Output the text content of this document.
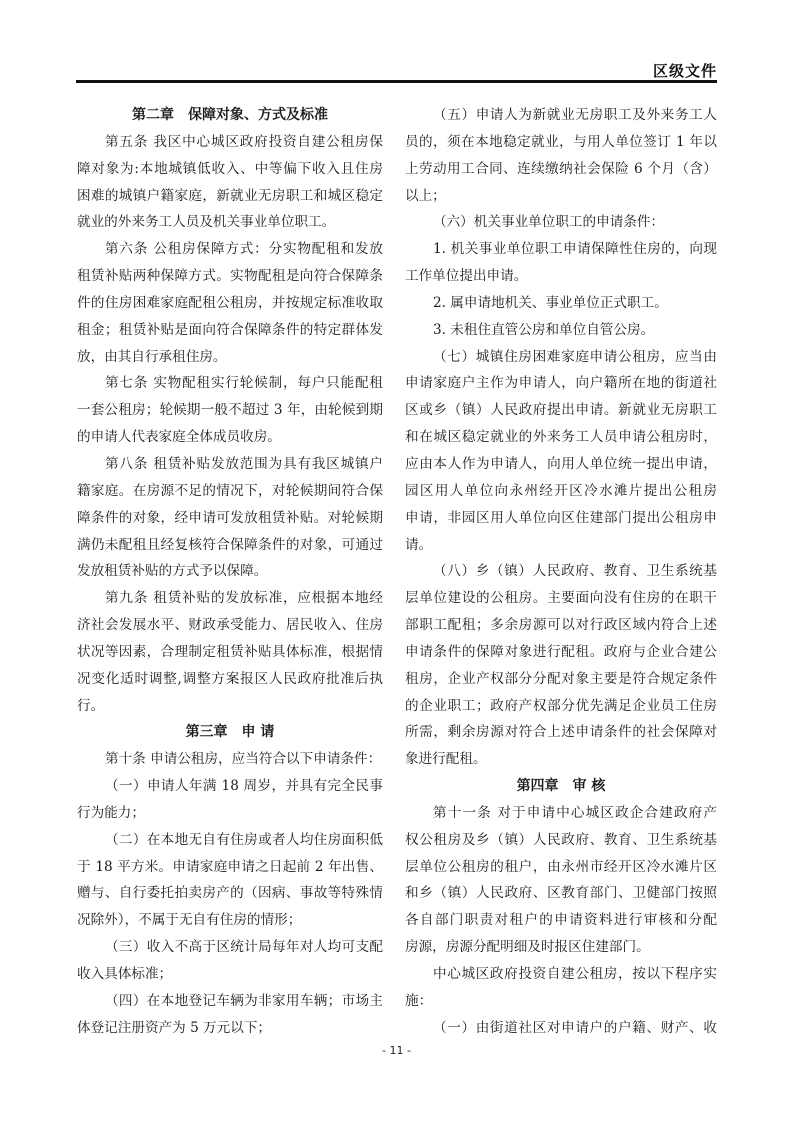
区级文件
第二章　保障对象、方式及标准
第五条 我区中心城区政府投资自建公租房保
障对象为:本地城镇低收入、中等偏下收入且住房
困难的城镇户籍家庭，新就业无房职工和城区稳定
就业的外来务工人员及机关事业单位职工。
第六条 公租房保障方式：分实物配租和发放
租赁补贴两种保障方式。实物配租是向符合保障条
件的住房困难家庭配租公租房，并按规定标准收取
租金；租赁补贴是面向符合保障条件的特定群体发
放，由其自行承租住房。
第七条 实物配租实行轮候制，每户只能配租
一套公租房；轮候期一般不超过 3 年，由轮候到期
的申请人代表家庭全体成员收房。
第八条 租赁补贴发放范围为具有我区城镇户
籍家庭。在房源不足的情况下，对轮候期间符合保
障条件的对象，经申请可发放租赁补贴。对轮候期
满仍未配租且经复核符合保障条件的对象，可通过
发放租赁补贴的方式予以保障。
第九条 租赁补贴的发放标准，应根据本地经
济社会发展水平、财政承受能力、居民收入、住房
状况等因素，合理制定租赁补贴具体标准，根据情
况变化适时调整,调整方案报区人民政府批准后执
行。
第三章　申 请
第十条 申请公租房，应当符合以下申请条件：
（一）申请人年满 18 周岁，并具有完全民事
行为能力；
（二）在本地无自有住房或者人均住房面积低
于 18 平方米。申请家庭申请之日起前 2 年出售、
赠与、自行委托拍卖房产的（因病、事故等特殊情
况除外），不属于无自有住房的情形；
（三）收入不高于区统计局每年对人均可支配
收入具体标准；
（四）在本地登记车辆为非家用车辆；市场主
体登记注册资产为 5 万元以下；
（五）申请人为新就业无房职工及外来务工人
员的，须在本地稳定就业，与用人单位签订 1 年以
上劳动用工合同、连续缴纳社会保险 6 个月（含）
以上；
（六）机关事业单位职工的申请条件：
1. 机关事业单位职工申请保障性住房的，向现
工作单位提出申请。
2. 属申请地机关、事业单位正式职工。
3. 未租住直管公房和单位自管公房。
（七）城镇住房困难家庭申请公租房，应当由
申请家庭户主作为申请人，向户籍所在地的街道社
区或乡（镇）人民政府提出申请。新就业无房职工
和在城区稳定就业的外来务工人员申请公租房时，
应由本人作为申请人，向用人单位统一提出申请，
园区用人单位向永州经开区冷水滩片提出公租房
申请，非园区用人单位向区住建部门提出公租房申
请。
（八）乡（镇）人民政府、教育、卫生系统基
层单位建设的公租房。主要面向没有住房的在职干
部职工配租；多余房源可以对行政区域内符合上述
申请条件的保障对象进行配租。政府与企业合建公
租房，企业产权部分分配对象主要是符合规定条件
的企业职工；政府产权部分优先满足企业员工住房
所需，剩余房源对符合上述申请条件的社会保障对
象进行配租。
第四章　审 核
第十一条 对于申请中心城区政企合建政府产
权公租房及乡（镇）人民政府、教育、卫生系统基
层单位公租房的租户，由永州市经开区冷水滩片区
和乡（镇）人民政府、区教育部门、卫健部门按照
各自部门职责对租户的申请资料进行审核和分配
房源，房源分配明细及时报区住建部门。
中心城区政府投资自建公租房，按以下程序实
施：
（一）由街道社区对申请户的户籍、财产、收
- 11 -
